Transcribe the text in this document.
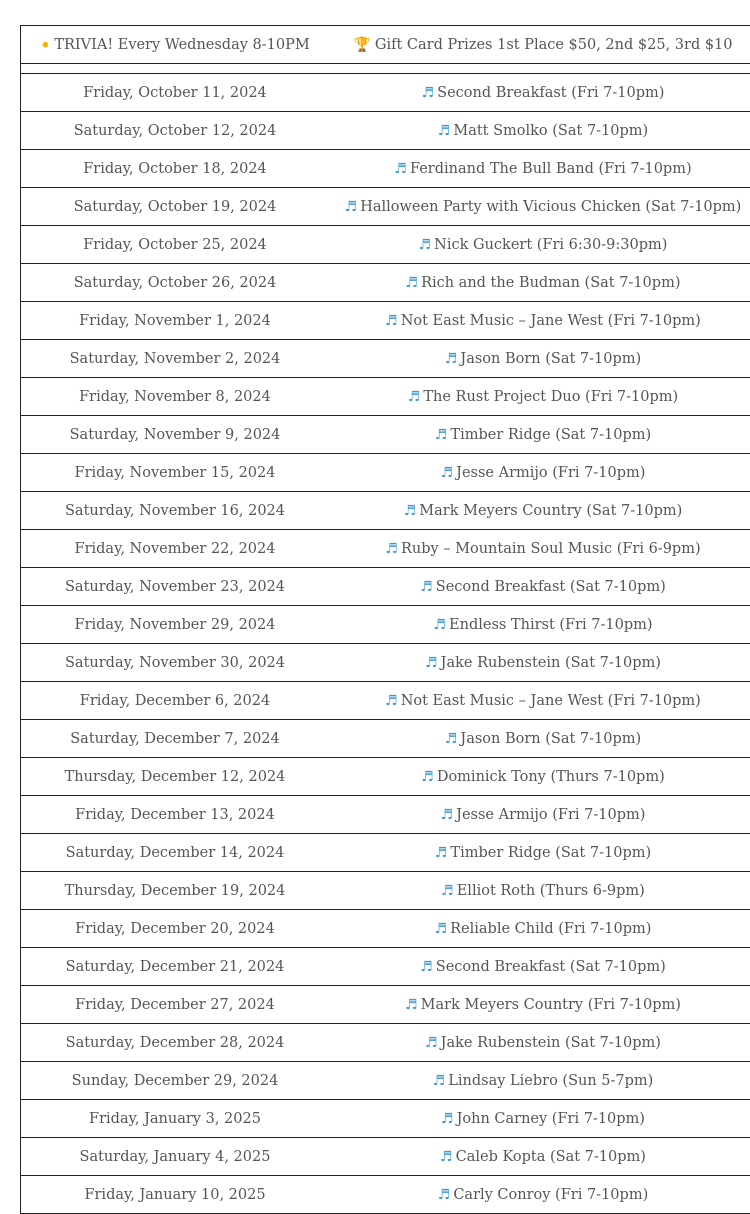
⚫ TRIVIA! Every Wednesday 8-10PM	🏆 Gift Card Prizes 1st Place $50, 2nd $25, 3rd $10
Friday, October 11, 2024	♬ Second Breakfast (Fri 7-10pm)
Saturday, October 12, 2024	♬ Matt Smolko (Sat 7-10pm)
Friday, October 18, 2024	♬ Ferdinand The Bull Band (Fri 7-10pm)
Saturday, October 19, 2024	♬ Halloween Party with Vicious Chicken (Sat 7-10pm)
Friday, October 25, 2024	♬ Nick Guckert (Fri 6:30-9:30pm)
Saturday, October 26, 2024	♬ Rich and the Budman (Sat 7-10pm)
Friday, November 1, 2024	♬ Not East Music – Jane West (Fri 7-10pm)
Saturday, November 2, 2024	♬ Jason Born (Sat 7-10pm)
Friday, November 8, 2024	♬ The Rust Project Duo (Fri 7-10pm)
Saturday, November 9, 2024	♬ Timber Ridge (Sat 7-10pm)
Friday, November 15, 2024	♬ Jesse Armijo (Fri 7-10pm)
Saturday, November 16, 2024	♬ Mark Meyers Country (Sat 7-10pm)
Friday, November 22, 2024	♬ Ruby – Mountain Soul Music (Fri 6-9pm)
Saturday, November 23, 2024	♬ Second Breakfast (Sat 7-10pm)
Friday, November 29, 2024	♬ Endless Thirst (Fri 7-10pm)
Saturday, November 30, 2024	♬ Jake Rubenstein (Sat 7-10pm)
Friday, December 6, 2024	♬ Not East Music – Jane West (Fri 7-10pm)
Saturday, December 7, 2024	♬ Jason Born (Sat 7-10pm)
Thursday, December 12, 2024	♬ Dominick Tony (Thurs 7-10pm)
Friday, December 13, 2024	♬ Jesse Armijo (Fri 7-10pm)
Saturday, December 14, 2024	♬ Timber Ridge (Sat 7-10pm)
Thursday, December 19, 2024	♬ Elliot Roth (Thurs 6-9pm)
Friday, December 20, 2024	♬ Reliable Child (Fri 7-10pm)
Saturday, December 21, 2024	♬ Second Breakfast (Sat 7-10pm)
Friday, December 27, 2024	♬ Mark Meyers Country (Fri 7-10pm)
Saturday, December 28, 2024	♬ Jake Rubenstein (Sat 7-10pm)
Sunday, December 29, 2024	♬ Lindsay Liebro (Sun 5-7pm)
Friday, January 3, 2025	♬ John Carney (Fri 7-10pm)
Saturday, January 4, 2025	♬ Caleb Kopta (Sat 7-10pm)
Friday, January 10, 2025	♬ Carly Conroy (Fri 7-10pm)
